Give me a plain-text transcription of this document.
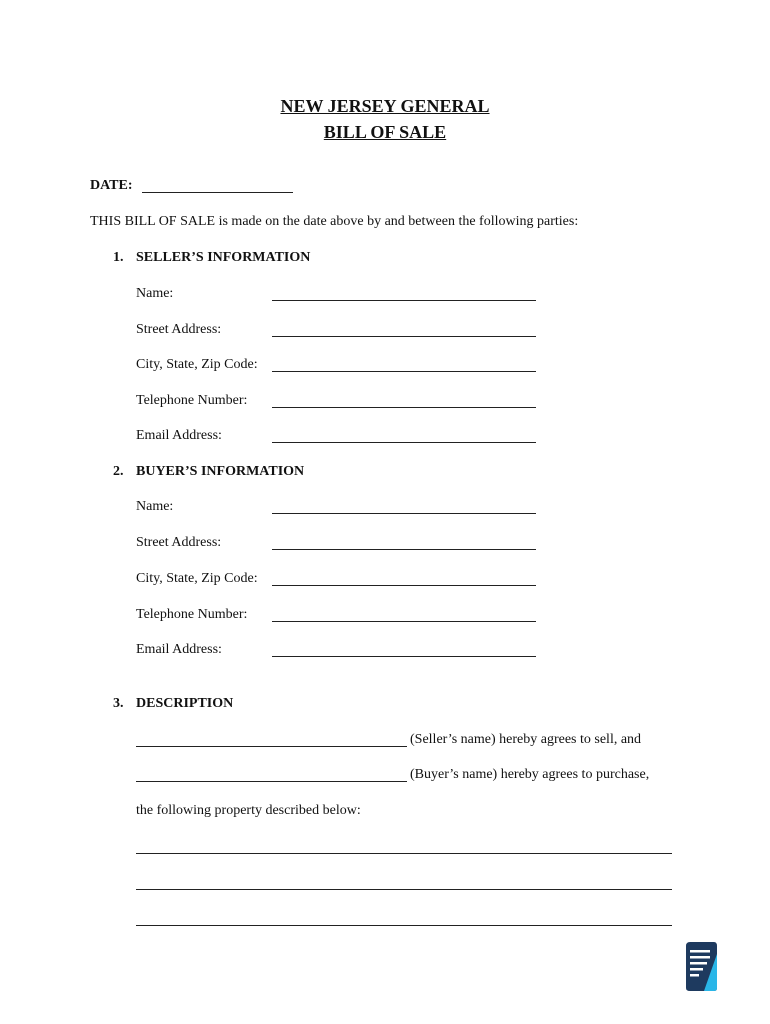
NEW JERSEY GENERAL
BILL OF SALE
DATE:
THIS BILL OF SALE is made on the date above by and between the following parties:
1. SELLER’S INFORMATION
Name:
Street Address:
City, State, Zip Code:
Telephone Number:
Email Address:
2. BUYER’S INFORMATION
Name:
Street Address:
City, State, Zip Code:
Telephone Number:
Email Address:
3. DESCRIPTION
(Seller’s name) hereby agrees to sell, and
(Buyer’s name) hereby agrees to purchase,
the following property described below:
